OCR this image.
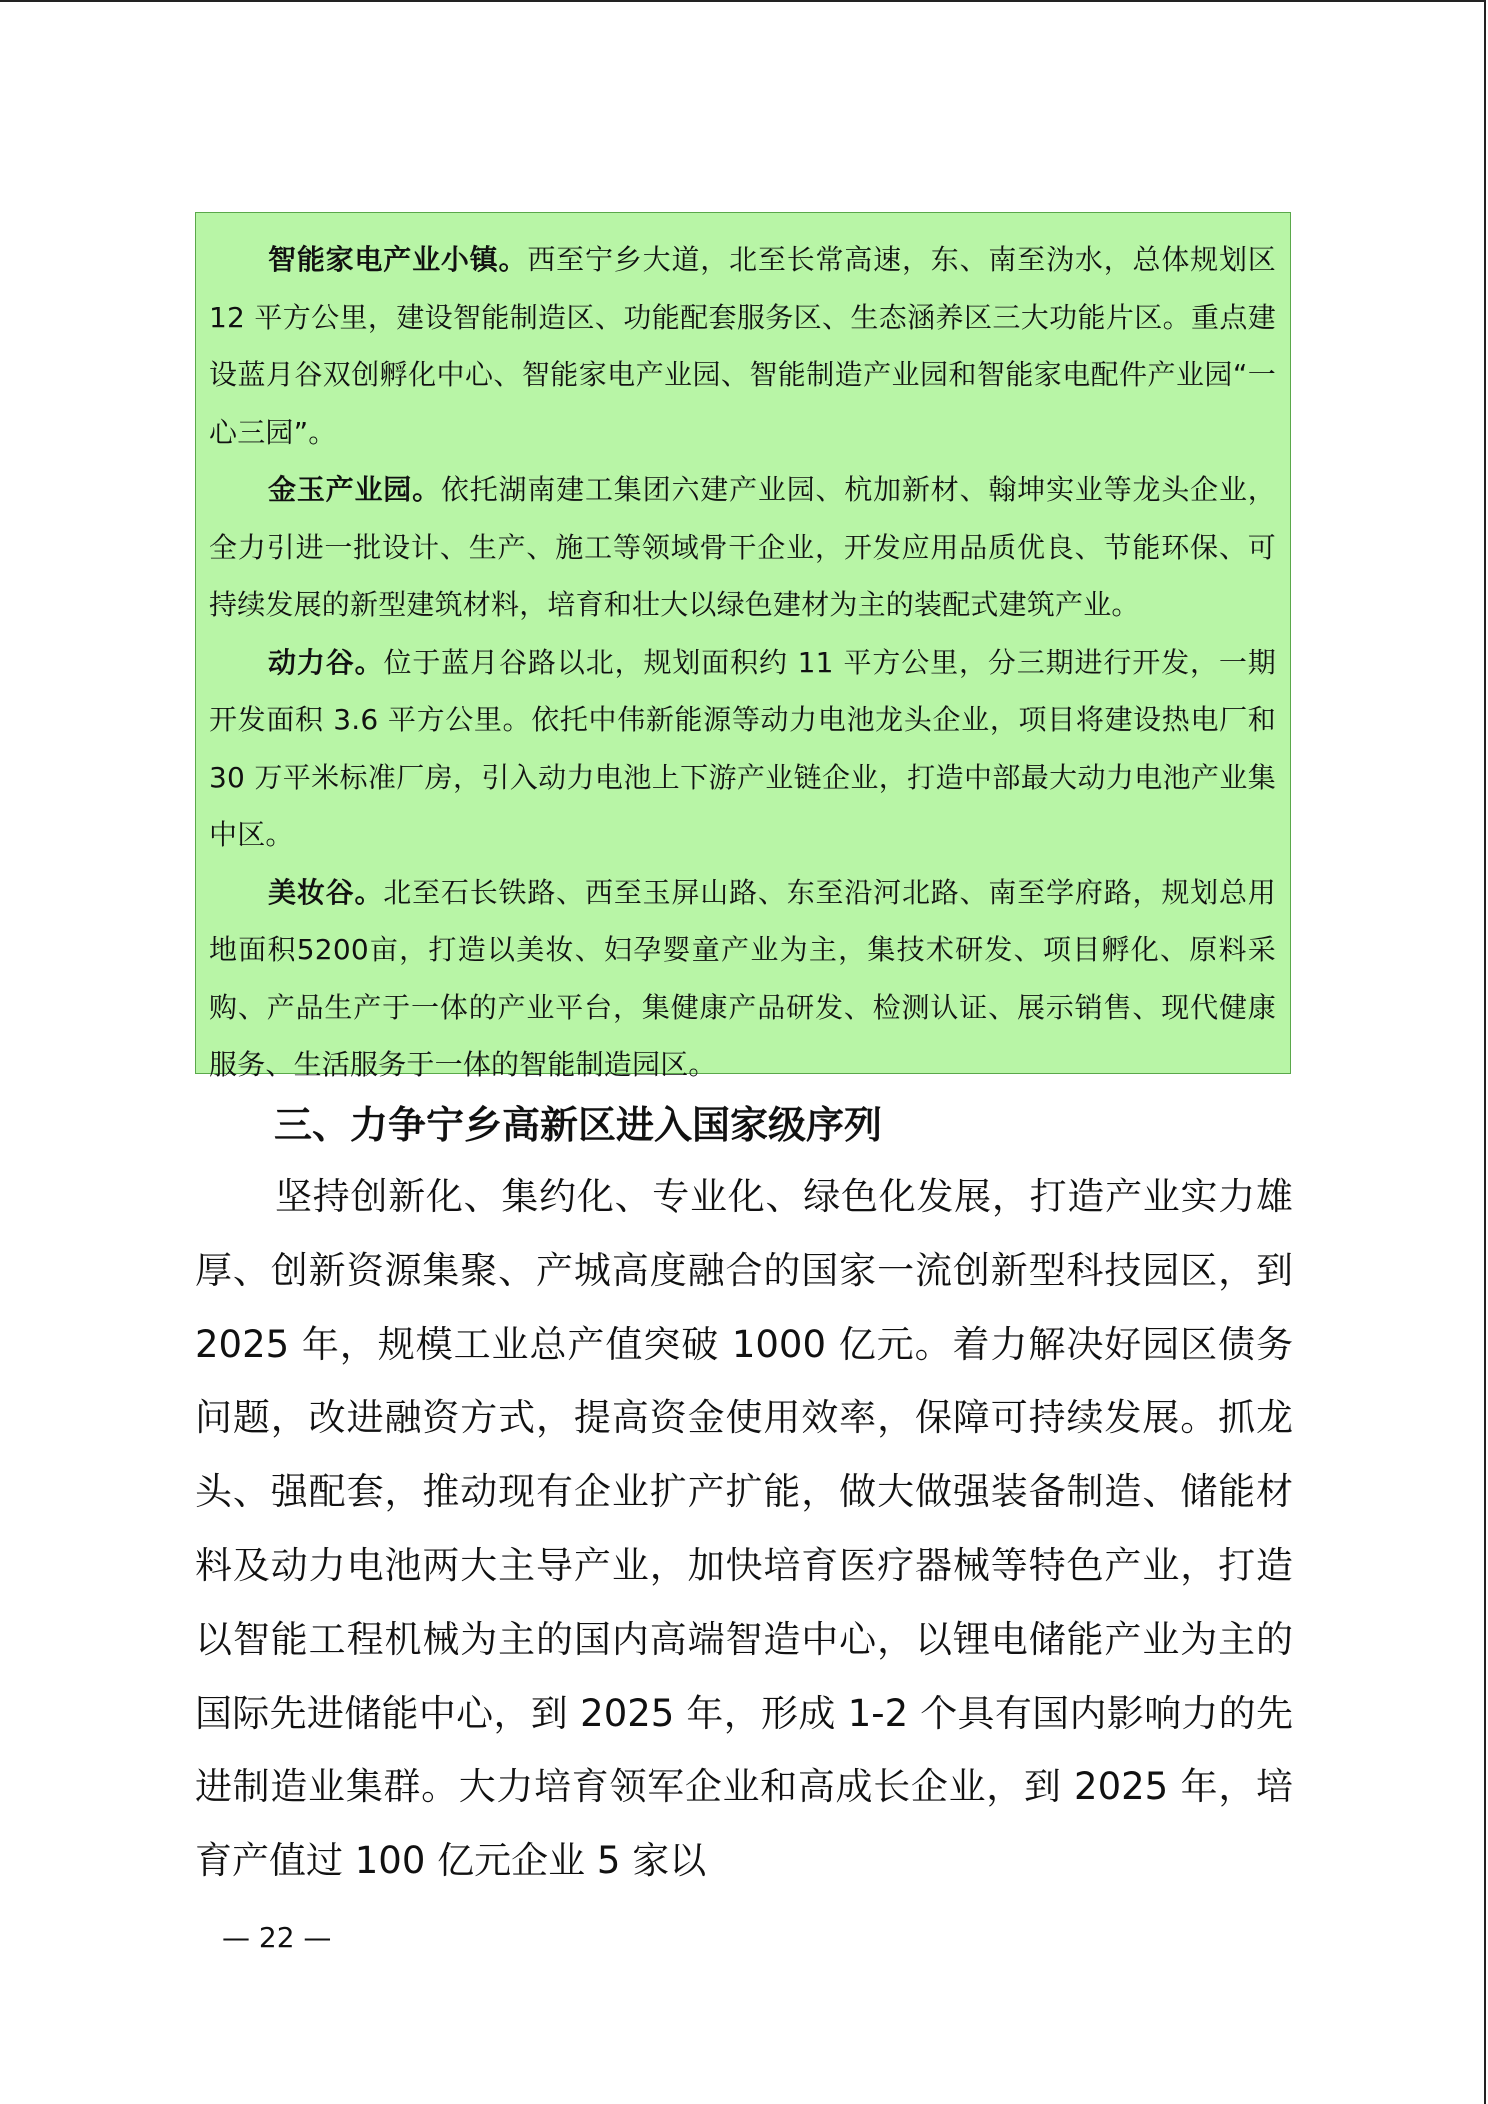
智能家电产业小镇。西至宁乡大道，北至长常高速，东、南至沩水，总体规划区 12 平方公里，建设智能制造区、功能配套服务区、生态涵养区三大功能片区。重点建设蓝月谷双创孵化中心、智能家电产业园、智能制造产业园和智能家电配件产业园“一心三园”。

金玉产业园。依托湖南建工集团六建产业园、杭加新材、翰坤实业等龙头企业，全力引进一批设计、生产、施工等领域骨干企业，开发应用品质优良、节能环保、可持续发展的新型建筑材料，培育和壮大以绿色建材为主的装配式建筑产业。

动力谷。位于蓝月谷路以北，规划面积约 11 平方公里，分三期进行开发，一期开发面积 3.6 平方公里。依托中伟新能源等动力电池龙头企业，项目将建设热电厂和 30 万平米标准厂房，引入动力电池上下游产业链企业，打造中部最大动力电池产业集中区。

美妆谷。北至石长铁路、西至玉屏山路、东至沿河北路、南至学府路，规划总用地面积5200亩，打造以美妆、妇孕婴童产业为主，集技术研发、项目孵化、原料采购、产品生产于一体的产业平台，集健康产品研发、检测认证、展示销售、现代健康服务、生活服务于一体的智能制造园区。

三、力争宁乡高新区进入国家级序列

坚持创新化、集约化、专业化、绿色化发展，打造产业实力雄厚、创新资源集聚、产城高度融合的国家一流创新型科技园区，到 2025 年，规模工业总产值突破 1000 亿元。着力解决好园区债务问题，改进融资方式，提高资金使用效率，保障可持续发展。抓龙头、强配套，推动现有企业扩产扩能，做大做强装备制造、储能材料及动力电池两大主导产业，加快培育医疗器械等特色产业，打造以智能工程机械为主的国内高端智造中心，以锂电储能产业为主的国际先进储能中心，到 2025 年，形成 1-2 个具有国内影响力的先进制造业集群。大力培育领军企业和高成长企业，到 2025 年，培育产值过 100 亿元企业 5 家以

— 22 —
